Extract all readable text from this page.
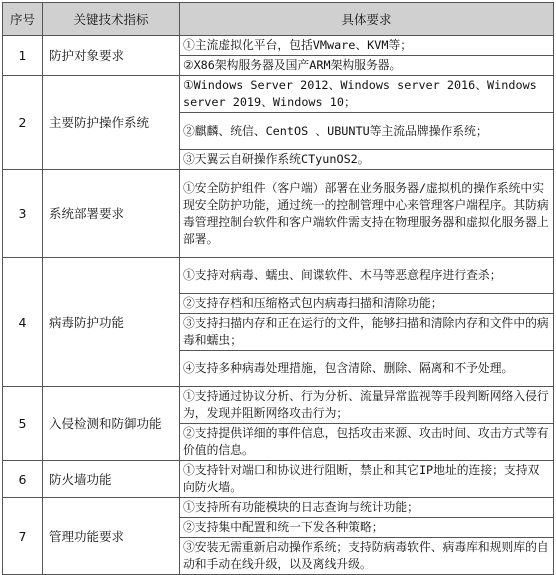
序号	关键技术指标	具体要求
1	防护对象要求	①主流虚拟化平台，包括VMware、KVM等；
		②X86架构服务器及国产ARM架构服务器。
2	主要防护操作系统	①Windows Server 2012、Windows server 2016、Windows server 2019、Windows 10；
		②麒麟、统信、CentOS 、UBUNTU等主流品牌操作系统；
		③天翼云自研操作系统CTyunOS2。
3	系统部署要求	①安全防护组件（客户端）部署在业务服务器/虚拟机的操作系统中实现安全防护功能，通过统一的控制管理中心来管理客户端程序。其防病毒管理控制台软件和客户端软件需支持在物理服务器和虚拟化服务器上部署。
4	病毒防护功能	①支持对病毒、蠕虫、间谍软件、木马等恶意程序进行查杀；
		②支持存档和压缩格式包内病毒扫描和清除功能；
		③支持扫描内存和正在运行的文件，能够扫描和清除内存和文件中的病毒和蠕虫；
		④支持多种病毒处理措施，包含清除、删除、隔离和不予处理。
5	入侵检测和防御功能	①支持通过协议分析、行为分析、流量异常监视等手段判断网络入侵行为，发现并阻断网络攻击行为；
		②支持提供详细的事件信息，包括攻击来源、攻击时间、攻击方式等有价值的信息。
6	防火墙功能	①支持针对端口和协议进行阻断，禁止和其它IP地址的连接；支持双向防火墙。
7	管理功能要求	①支持所有功能模块的日志查询与统计功能；
		②支持集中配置和统一下发各种策略；
		③安装无需重新启动操作系统；支持防病毒软件、病毒库和规则库的自动和手动在线升级，以及离线升级。
